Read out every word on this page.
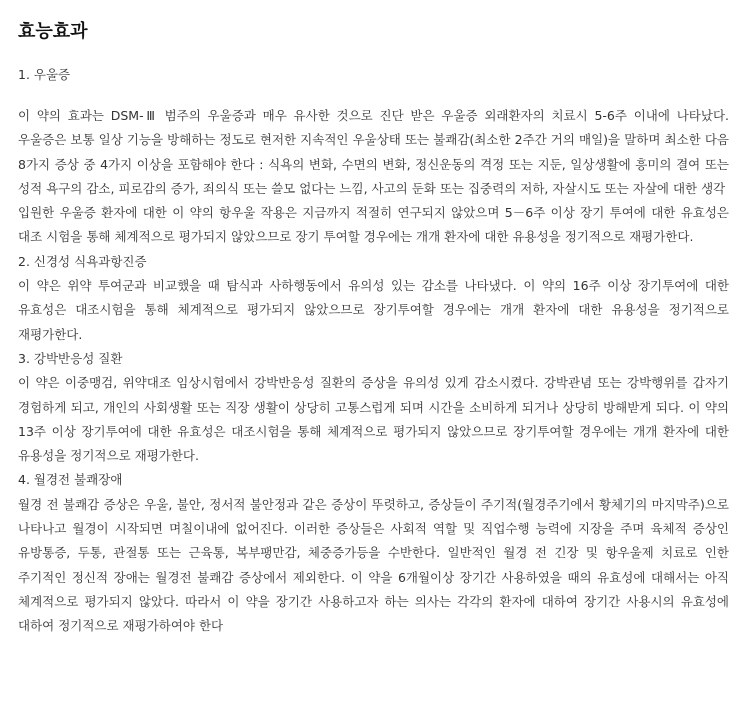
효능효과
1. 우울증

이 약의 효과는 DSM-Ⅲ 범주의 우울증과 매우 유사한 것으로 진단 받은 우울증 외래환자의 치료시 5-6주 이내에 나타났다. 우울증은 보통 일상 기능을 방해하는 정도로 현저한 지속적인 우울상태 또는 불쾌감(최소한 2주간 거의 매일)을 말하며 최소한 다음 8가지 증상 중 4가지 이상을 포함해야 한다 : 식욕의 변화, 수면의 변화, 정신운동의 격정 또는 지둔, 일상생활에 흥미의 결여 또는 성적 욕구의 감소, 피로감의 증가, 죄의식 또는 쓸모 없다는 느낌, 사고의 둔화 또는 집중력의 저하, 자살시도 또는 자살에 대한 생각

입원한 우울증 환자에 대한 이 약의 항우울 작용은 지금까지 적절히 연구되지 않았으며 5－6주 이상 장기 투여에 대한 유효성은 대조 시험을 통해 체계적으로 평가되지 않았으므로 장기 투여할 경우에는 개개 환자에 대한 유용성을 정기적으로 재평가한다.

2. 신경성 식욕과항진증

이 약은 위약 투여군과 비교했을 때 탐식과 사하행동에서 유의성 있는 감소를 나타냈다. 이 약의 16주 이상 장기투여에 대한 유효성은 대조시험을 통해 체계적으로 평가되지 않았으므로 장기투여할 경우에는 개개 환자에 대한 유용성을 정기적으로 재평가한다.

3. 강박반응성 질환

이 약은 이중맹검, 위약대조 임상시험에서 강박반응성 질환의 증상을 유의성 있게 감소시켰다. 강박관념 또는 강박행위를 갑자기 경험하게 되고, 개인의 사회생활 또는 직장 생활이 상당히 고통스럽게 되며 시간을 소비하게 되거나 상당히 방해받게 되다. 이 약의 13주 이상 장기투여에 대한 유효성은 대조시험을 통해 체계적으로 평가되지 않았으므로 장기투여할 경우에는 개개 환자에 대한 유용성을 정기적으로 재평가한다.

4. 월경전 불쾌장애

월경 전 불쾌감 증상은 우울, 불안, 정서적 불안정과 같은 증상이 뚜렷하고, 증상들이 주기적(월경주기에서 황체기의 마지막주)으로 나타나고 월경이 시작되면 며칠이내에 없어진다. 이러한 증상들은 사회적 역할 및 직업수행 능력에 지장을 주며 육체적 증상인 유방통증, 두통, 관절통 또는 근육통, 복부팽만감, 체중증가등을 수반한다. 일반적인 월경 전 긴장 및 항우울제 치료로 인한 주기적인 정신적 장애는 월경전 불쾌감 증상에서 제외한다. 이 약을 6개월이상 장기간 사용하였을 때의 유효성에 대해서는 아직 체계적으로 평가되지 않았다. 따라서 이 약을 장기간 사용하고자 하는 의사는 각각의 환자에 대하여 장기간 사용시의 유효성에 대하여 정기적으로 재평가하여야 한다
